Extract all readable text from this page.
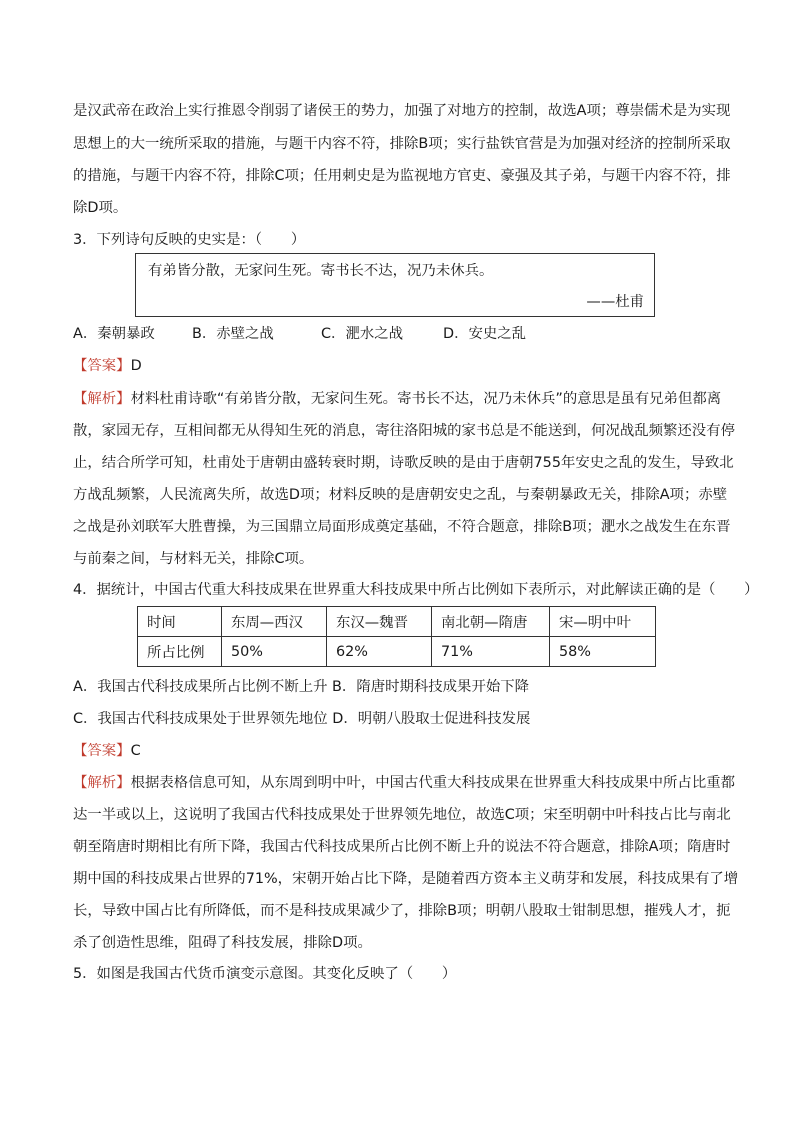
是汉武帝在政治上实行推恩令削弱了诸侯王的势力，加强了对地方的控制，故选A项；尊崇儒术是为实现
思想上的大一统所采取的措施，与题干内容不符，排除B项；实行盐铁官营是为加强对经济的控制所采取
的措施，与题干内容不符，排除C项；任用刺史是为监视地方官吏、豪强及其子弟，与题干内容不符，排
除D项。
3．下列诗句反映的史实是：（　　）
有弟皆分散，无家问生死。寄书长不达，况乃未休兵。
——杜甫
A．秦朝暴政	B．赤壁之战	C．淝水之战	D．安史之乱
【答案】D
【解析】材料杜甫诗歌“有弟皆分散，无家问生死。寄书长不达，况乃未休兵”的意思是虽有兄弟但都离
散，家园无存，互相间都无从得知生死的消息，寄往洛阳城的家书总是不能送到，何况战乱频繁还没有停
止，结合所学可知，杜甫处于唐朝由盛转衰时期，诗歌反映的是由于唐朝755年安史之乱的发生，导致北
方战乱频繁，人民流离失所，故选D项；材料反映的是唐朝安史之乱，与秦朝暴政无关，排除A项；赤壁
之战是孙刘联军大胜曹操，为三国鼎立局面形成奠定基础，不符合题意，排除B项；淝水之战发生在东晋
与前秦之间，与材料无关，排除C项。
4．据统计，中国古代重大科技成果在世界重大科技成果中所占比例如下表所示，对此解读正确的是（　　）
时间	东周—西汉	东汉—魏晋	南北朝—隋唐	宋—明中叶
所占比例	50%	62%	71%	58%
A．我国古代科技成果所占比例不断上升 B．隋唐时期科技成果开始下降
C．我国古代科技成果处于世界领先地位 D．明朝八股取士促进科技发展
【答案】C
【解析】根据表格信息可知，从东周到明中叶，中国古代重大科技成果在世界重大科技成果中所占比重都
达一半或以上，这说明了我国古代科技成果处于世界领先地位，故选C项；宋至明朝中叶科技占比与南北
朝至隋唐时期相比有所下降，我国古代科技成果所占比例不断上升的说法不符合题意，排除A项；隋唐时
期中国的科技成果占世界的71%，宋朝开始占比下降，是随着西方资本主义萌芽和发展，科技成果有了增
长，导致中国占比有所降低，而不是科技成果减少了，排除B项；明朝八股取士钳制思想，摧残人才，扼
杀了创造性思维，阻碍了科技发展，排除D项。
5．如图是我国古代货币演变示意图。其变化反映了（　　）
